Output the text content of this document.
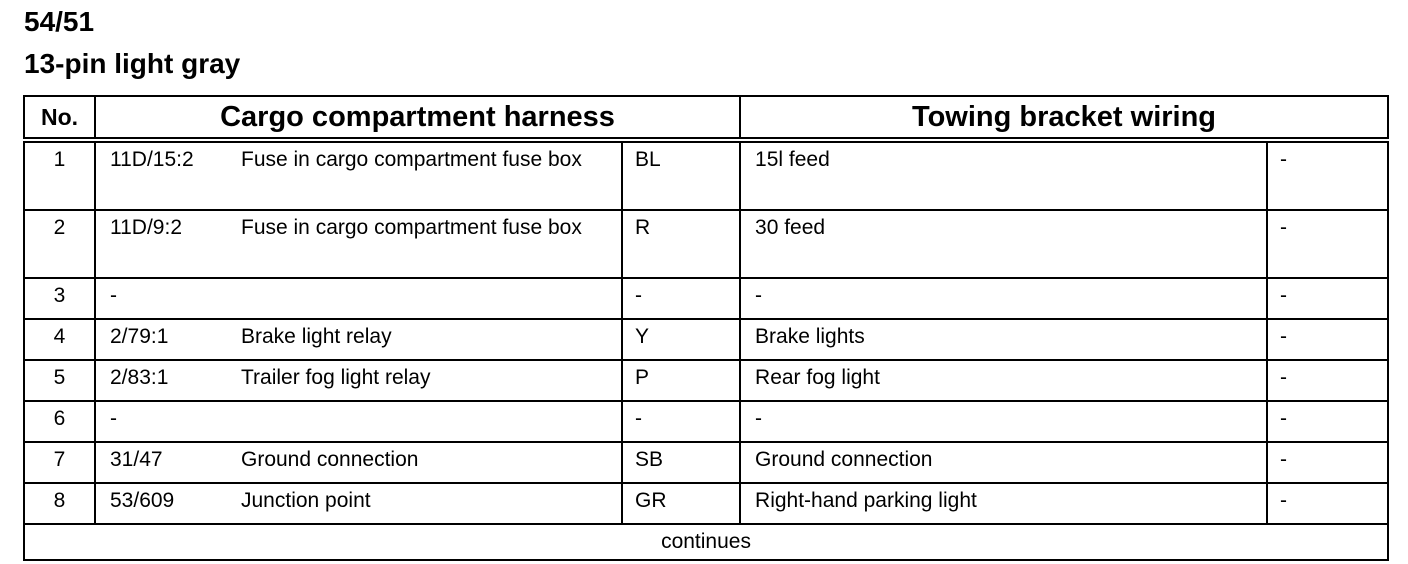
54/51
13-pin light gray
No.	Cargo compartment harness			Towing bracket wiring	
1	11D/15:2	Fuse in cargo compartment fuse box	BL	15l feed	-
2	11D/9:2	Fuse in cargo compartment fuse box	R	30 feed	-
3	-		-	-	-
4	2/79:1	Brake light relay	Y	Brake lights	-
5	2/83:1	Trailer fog light relay	P	Rear fog light	-
6	-		-	-	-
7	31/47	Ground connection	SB	Ground connection	-
8	53/609	Junction point	GR	Right-hand parking light	-
continues					
